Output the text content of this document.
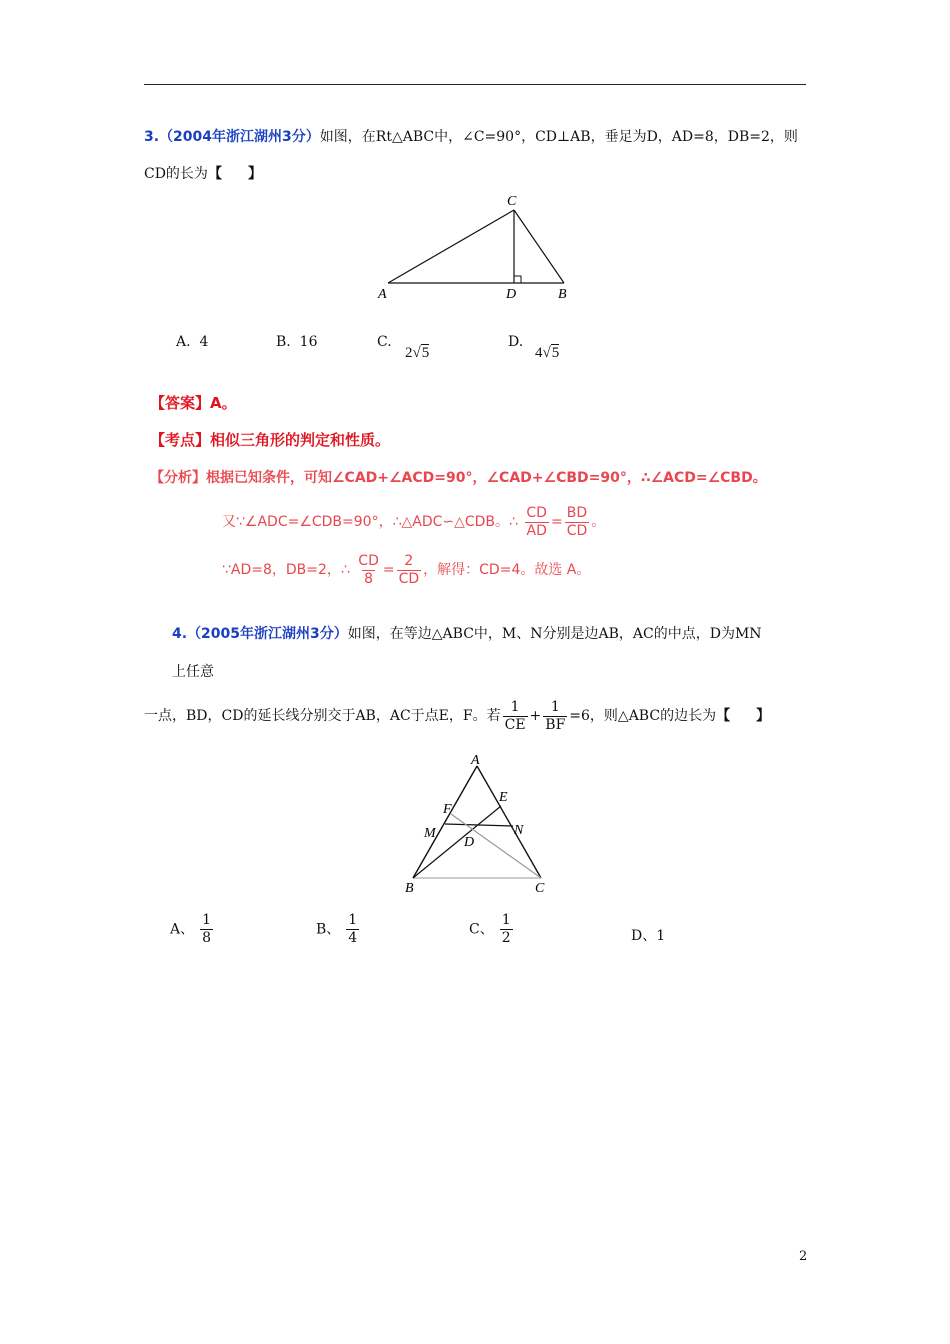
3.（2004年浙江湖州3分）如图，在Rt△ABC中，∠C=90°，CD⊥AB，垂足为D，AD=8，DB=2，则
CD的长为【 】
A	D	B
C
A. 4	B. 16	C.
2√5
D.
4√5
【答案】A。
【考点】相似三角形的判定和性质。
【分析】根据已知条件，可知∠CAD+∠ACD=90°，∠CAD+∠CBD=90°，∴∠ACD=∠CBD。
又∵∠ADC=∠CDB=90°，∴△ADC∽△CDB。∴ $\frac{CD}{AD} = \frac{BD}{CD}$ 。
∵AD=8，DB=2，∴ $\frac{CD}{8} = \frac{2}{CD}$ ，解得：CD=4。故选 A。
4.（2005年浙江湖州3分）如图，在等边△ABC中，M、N分别是边AB，AC的中点，D为MN
上任意
一点，BD，CD的延长线分别交于AB，AC于点E，F。若 $\frac{1}{CE} + \frac{1}{BF} =6$，则△ABC的边长为【 】
A
E
F
M	N
D
B	C
A、 $\frac{1}{8}$	B、 $\frac{1}{4}$	C、 $\frac{1}{2}$	D、1
2
